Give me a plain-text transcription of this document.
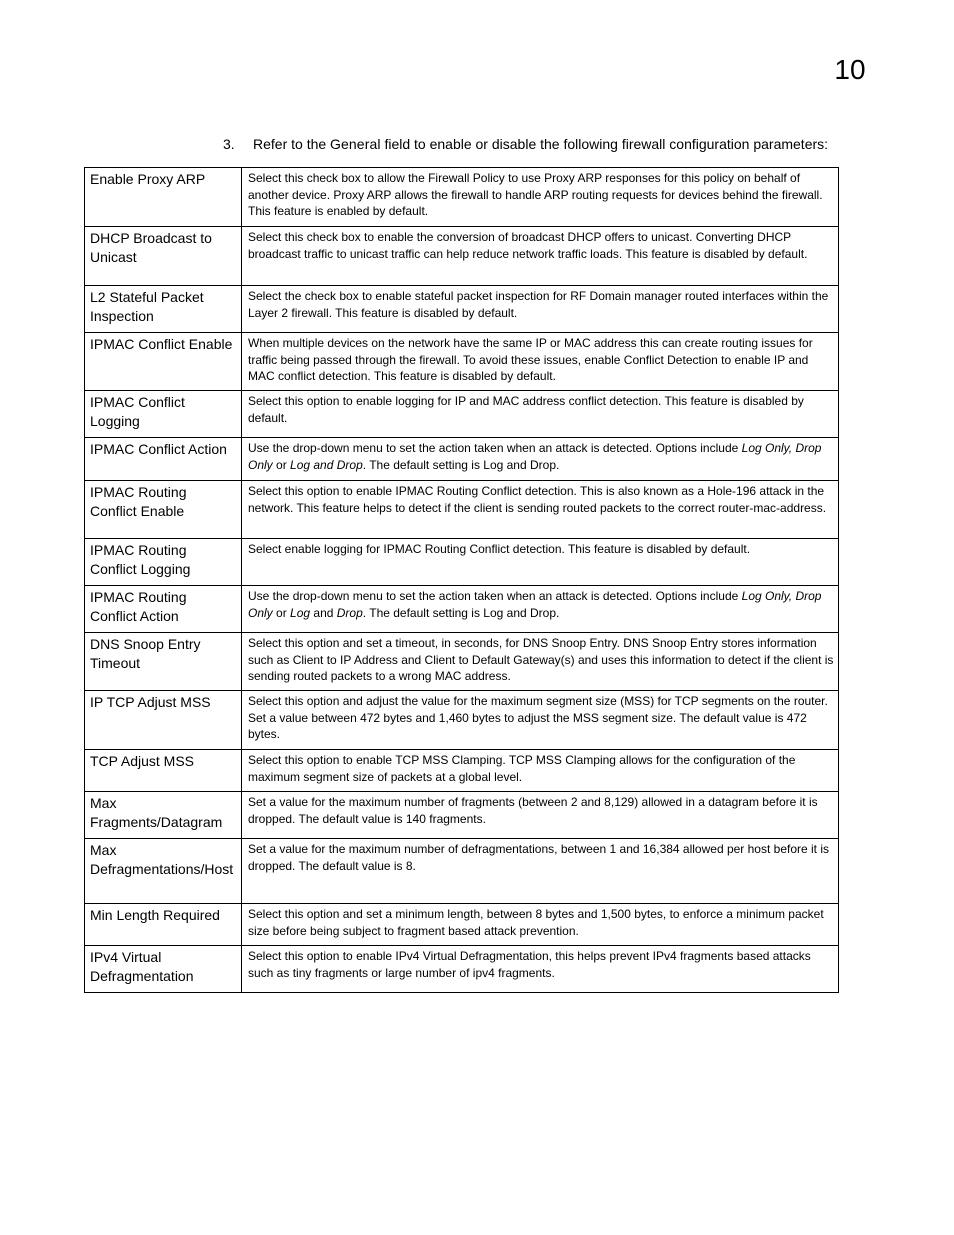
10
3. Refer to the General field to enable or disable the following firewall configuration parameters:
Enable Proxy ARP	Select this check box to allow the Firewall Policy to use Proxy ARP responses for this policy on behalf of another device. Proxy ARP allows the firewall to handle ARP routing requests for devices behind the firewall. This feature is enabled by default.
DHCP Broadcast to Unicast	Select this check box to enable the conversion of broadcast DHCP offers to unicast. Converting DHCP broadcast traffic to unicast traffic can help reduce network traffic loads. This feature is disabled by default.
L2 Stateful Packet Inspection	Select the check box to enable stateful packet inspection for RF Domain manager routed interfaces within the Layer 2 firewall. This feature is disabled by default.
IPMAC Conflict Enable	When multiple devices on the network have the same IP or MAC address this can create routing issues for traffic being passed through the firewall. To avoid these issues, enable Conflict Detection to enable IP and MAC conflict detection. This feature is disabled by default.
IPMAC Conflict Logging	Select this option to enable logging for IP and MAC address conflict detection. This feature is disabled by default.
IPMAC Conflict Action	Use the drop-down menu to set the action taken when an attack is detected. Options include Log Only, Drop Only or Log and Drop. The default setting is Log and Drop.
IPMAC Routing Conflict Enable	Select this option to enable IPMAC Routing Conflict detection. This is also known as a Hole-196 attack in the network. This feature helps to detect if the client is sending routed packets to the correct router-mac-address.
IPMAC Routing Conflict Logging	Select enable logging for IPMAC Routing Conflict detection. This feature is disabled by default.
IPMAC Routing Conflict Action	Use the drop-down menu to set the action taken when an attack is detected. Options include Log Only, Drop Only or Log and Drop. The default setting is Log and Drop.
DNS Snoop Entry Timeout	Select this option and set a timeout, in seconds, for DNS Snoop Entry. DNS Snoop Entry stores information such as Client to IP Address and Client to Default Gateway(s) and uses this information to detect if the client is sending routed packets to a wrong MAC address.
IP TCP Adjust MSS	Select this option and adjust the value for the maximum segment size (MSS) for TCP segments on the router. Set a value between 472 bytes and 1,460 bytes to adjust the MSS segment size. The default value is 472 bytes.
TCP Adjust MSS	Select this option to enable TCP MSS Clamping. TCP MSS Clamping allows for the configuration of the maximum segment size of packets at a global level.
Max Fragments/Datagram	Set a value for the maximum number of fragments (between 2 and 8,129) allowed in a datagram before it is dropped. The default value is 140 fragments.
Max Defragmentations/Host	Set a value for the maximum number of defragmentations, between 1 and 16,384 allowed per host before it is dropped. The default value is 8.
Min Length Required	Select this option and set a minimum length, between 8 bytes and 1,500 bytes, to enforce a minimum packet size before being subject to fragment based attack prevention.
IPv4 Virtual Defragmentation	Select this option to enable IPv4 Virtual Defragmentation, this helps prevent IPv4 fragments based attacks such as tiny fragments or large number of ipv4 fragments.
